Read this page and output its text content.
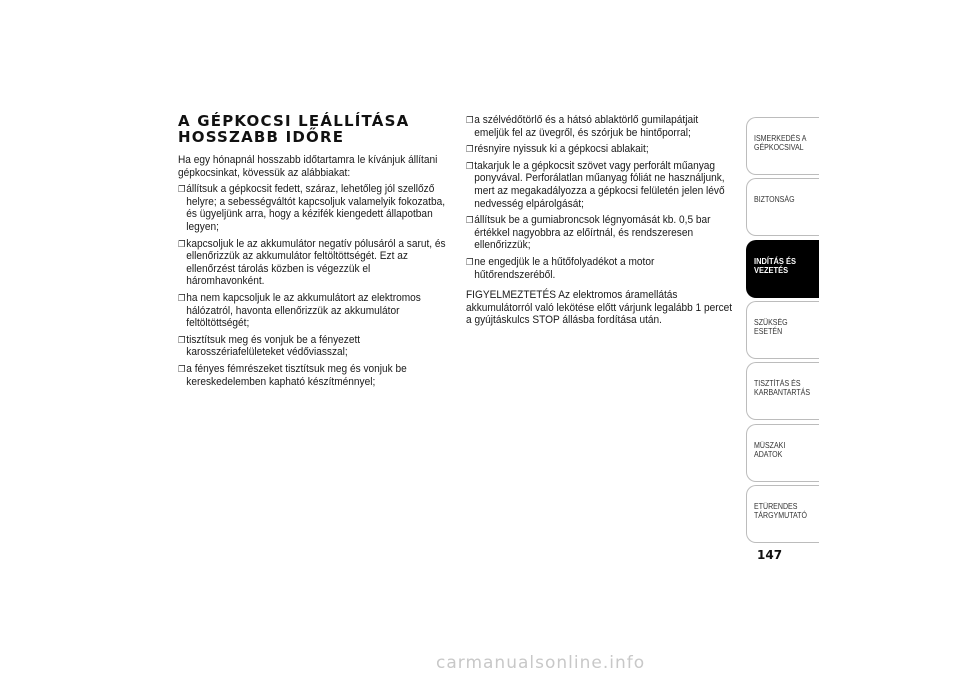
A GÉPKOCSI LEÁLLÍTÁSA
HOSSZABB IDŐRE

Ha egy hónapnál hosszabb időtartamra le kívánjuk állítani gépkocsinkat, kövessük az alábbiakat:

❐ állítsuk a gépkocsit fedett, száraz, lehetőleg jól szellőző helyre; a sebességváltót kapcsoljuk valamelyik fokozatba, és ügyeljünk arra, hogy a kézifék kiengedett állapotban legyen;
❐ kapcsoljuk le az akkumulátor negatív pólusáról a sarut, és ellenőrizzük az akkumulátor feltöltöttségét. Ezt az ellenőrzést tárolás közben is végezzük el háromhavonként.
❐ ha nem kapcsoljuk le az akkumulátort az elektromos hálózatról, havonta ellenőrizzük az akkumulátor feltöltöttségét;
❐ tisztítsuk meg és vonjuk be a fényezett karosszériafelületeket védőviasszal;
❐ a fényes fémrészeket tisztítsuk meg és vonjuk be kereskedelemben kapható készítménnyel;
❐ a szélvédőtörlő és a hátsó ablaktörlő gumilapátjait emeljük fel az üvegről, és szórjuk be hintőporral;
❐ résnyire nyissuk ki a gépkocsi ablakait;
❐ takarjuk le a gépkocsit szövet vagy perforált műanyag ponyvával. Perforálatlan műanyag fóliát ne használjunk, mert az megakadályozza a gépkocsi felületén jelen lévő nedvesség elpárolgását;
❐ állítsuk be a gumiabroncsok légnyomását kb. 0,5 bar értékkel nagyobbra az előírtnál, és rendszeresen ellenőrizzük;
❐ ne engedjük le a hűtőfolyadékot a motor hűtőrendszeréből.

FIGYELMEZTETÉS Az elektromos áramellátás akkumulátorról való lekötése előtt várjunk legalább 1 percet a gyújtáskulcs STOP állásba fordítása után.

ISMERKEDÉS A
GÉPKOCSIVAL
BIZTONSÁG
INDÍTÁS ÉS
VEZETÉS
SZÜKSÉG ESETÉN
TISZTÍTÁS ÉS
KARBANTARTÁS
MŰSZAKI ADATOK
ETŰRENDES
TÁRGYMUTATÓ
147
carmanualsonline.info
